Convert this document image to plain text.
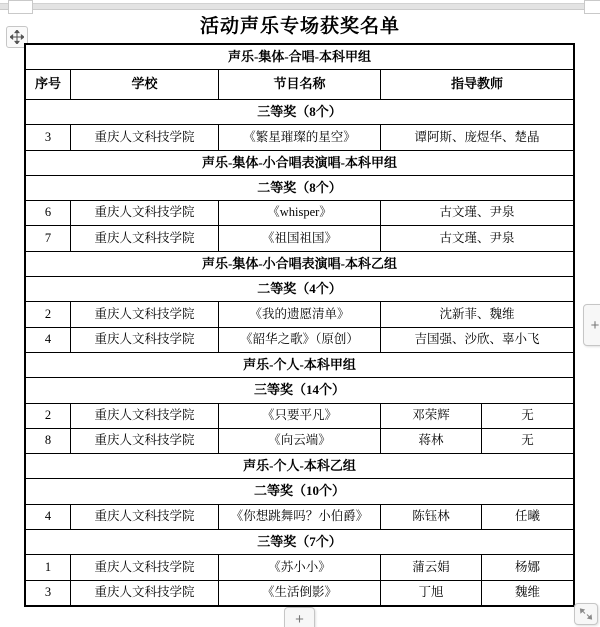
活动声乐专场获奖名单
声乐-集体-合唱-本科甲组
序号	学校	节目名称	指导教师
三等奖（8个）
3	重庆人文科技学院	《繁星璀璨的星空》	谭阿斯、庞煜华、楚晶
声乐-集体-小合唱表演唱-本科甲组
二等奖（8个）
6	重庆人文科技学院	《whisper》	古文瑾、尹泉
7	重庆人文科技学院	《祖国祖国》	古文瑾、尹泉
声乐-集体-小合唱表演唱-本科乙组
二等奖（4个）
2	重庆人文科技学院	《我的遗愿清单》	沈新菲、魏维
4	重庆人文科技学院	《韶华之歌》（原创）	吉国强、沙欣、辜小飞
声乐-个人-本科甲组
三等奖（14个）
2	重庆人文科技学院	《只要平凡》	邓荣辉	无
8	重庆人文科技学院	《向云端》	蒋林	无
声乐-个人-本科乙组
二等奖（10个）
4	重庆人文科技学院	《你想跳舞吗？小伯爵》	陈钰林	任曦
三等奖（7个）
1	重庆人文科技学院	《苏小小》	蒲云娟	杨娜
3	重庆人文科技学院	《生活倒影》	丁旭	魏维
+
+
